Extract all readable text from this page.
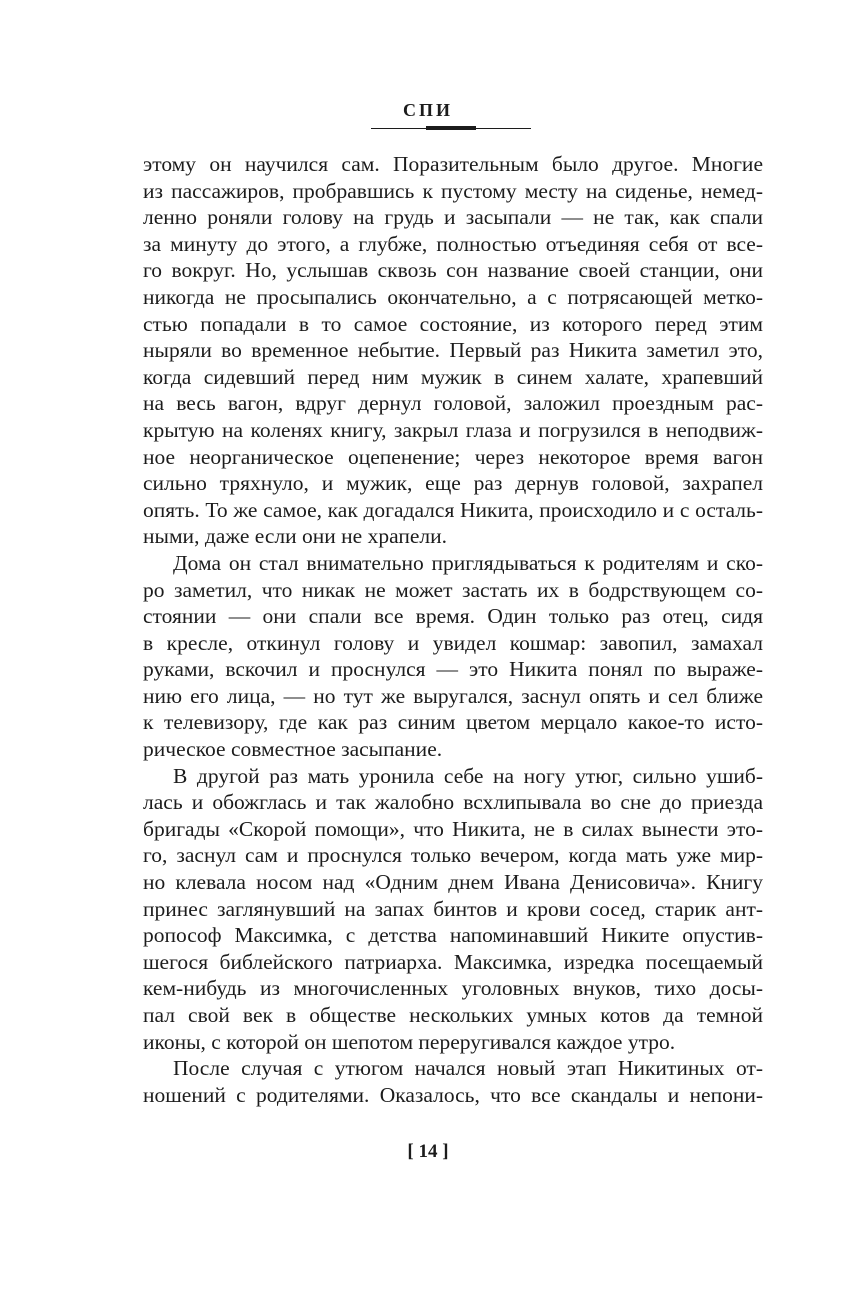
СПИ
этому он научился сам. Поразительным было другое. Многие
из пассажиров, пробравшись к пустому месту на сиденье, немед-
ленно роняли голову на грудь и засыпали — не так, как спали
за минуту до этого, а глубже, полностью отъединяя себя от все-
го вокруг. Но, услышав сквозь сон название своей станции, они
никогда не просыпались окончательно, а с потрясающей метко-
стью попадали в то самое состояние, из которого перед этим
ныряли во временное небытие. Первый раз Никита заметил это,
когда сидевший перед ним мужик в синем халате, храпевший
на весь вагон, вдруг дернул головой, заложил проездным рас-
крытую на коленях книгу, закрыл глаза и погрузился в неподвиж-
ное неорганическое оцепенение; через некоторое время вагон
сильно тряхнуло, и мужик, еще раз дернув головой, захрапел
опять. То же самое, как догадался Никита, происходило и с осталь-
ными, даже если они не храпели.
Дома он стал внимательно приглядываться к родителям и ско-
ро заметил, что никак не может застать их в бодрствующем со-
стоянии — они спали все время. Один только раз отец, сидя
в кресле, откинул голову и увидел кошмар: завопил, замахал
руками, вскочил и проснулся — это Никита понял по выраже-
нию его лица, — но тут же выругался, заснул опять и сел ближе
к телевизору, где как раз синим цветом мерцало какое-то исто-
рическое совместное засыпание.
В другой раз мать уронила себе на ногу утюг, сильно ушиб-
лась и обожглась и так жалобно всхлипывала во сне до приезда
бригады «Скорой помощи», что Никита, не в силах вынести это-
го, заснул сам и проснулся только вечером, когда мать уже мир-
но клевала носом над «Одним днем Ивана Денисовича». Книгу
принес заглянувший на запах бинтов и крови сосед, старик ант-
ропософ Максимка, с детства напоминавший Никите опустив-
шегося библейского патриарха. Максимка, изредка посещаемый
кем-нибудь из многочисленных уголовных внуков, тихо досы-
пал свой век в обществе нескольких умных котов да темной
иконы, с которой он шепотом переругивался каждое утро.
После случая с утюгом начался новый этап Никитиных от-
ношений с родителями. Оказалось, что все скандалы и непони-
[ 14 ]
